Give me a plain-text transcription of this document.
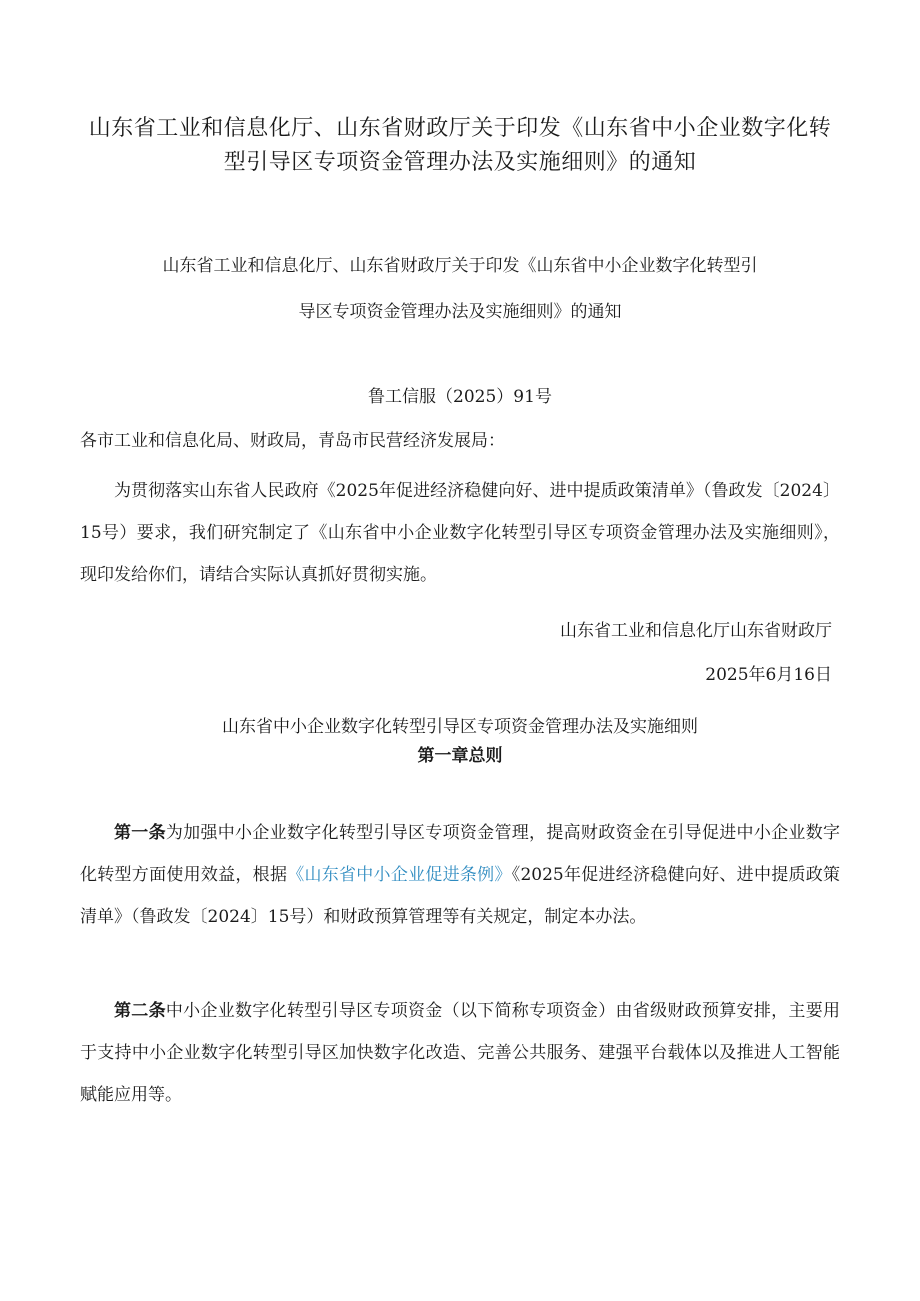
山东省工业和信息化厅、山东省财政厅关于印发《山东省中小企业数字化转型引导区专项资金管理办法及实施细则》的通知
山东省工业和信息化厅、山东省财政厅关于印发《山东省中小企业数字化转型引
导区专项资金管理办法及实施细则》的通知

鲁工信服（2025）91号

各市工业和信息化局、财政局，青岛市民营经济发展局：

为贯彻落实山东省人民政府《2025年促进经济稳健向好、进中提质政策清单》（鲁政发〔2024〕15号）要求，我们研究制定了《山东省中小企业数字化转型引导区专项资金管理办法及实施细则》，现印发给你们，请结合实际认真抓好贯彻实施。

山东省工业和信息化厅山东省财政厅

2025年6月16日

山东省中小企业数字化转型引导区专项资金管理办法及实施细则

第一章总则

第一条为加强中小企业数字化转型引导区专项资金管理，提高财政资金在引导促进中小企业数字化转型方面使用效益，根据《山东省中小企业促进条例》《2025年促进经济稳健向好、进中提质政策清单》（鲁政发〔2024〕15号）和财政预算管理等有关规定，制定本办法。

第二条中小企业数字化转型引导区专项资金（以下简称专项资金）由省级财政预算安排，主要用于支持中小企业数字化转型引导区加快数字化改造、完善公共服务、建强平台载体以及推进人工智能赋能应用等。
